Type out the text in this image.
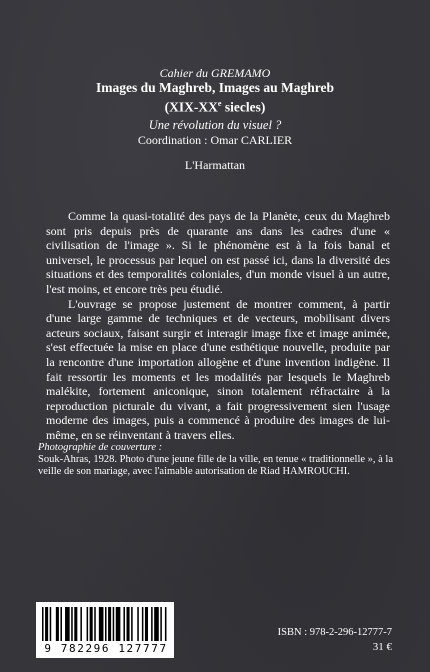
Cahier du GREMAMO
Images du Maghreb, Images au Maghreb
(XIX-XXe siecles)
Une révolution du visuel ?
Coordination : Omar CARLIER
L'Harmattan

Comme la quasi-totalité des pays de la Planète, ceux du Maghreb sont pris depuis près de quarante ans dans les cadres d'une « civilisation de l'image ». Si le phénomène est à la fois banal et universel, le processus par lequel on est passé ici, dans la diversité des situations et des temporalités coloniales, d'un monde visuel à un autre, l'est moins, et encore très peu étudié.

L'ouvrage se propose justement de montrer comment, à partir d'une large gamme de techniques et de vecteurs, mobilisant divers acteurs sociaux, faisant surgir et interagir image fixe et image animée, s'est effectuée la mise en place d'une esthétique nouvelle, produite par la rencontre d'une importation allogène et d'une invention indigène. Il fait ressortir les moments et les modalités par lesquels le Maghreb malékite, fortement aniconique, sinon totalement réfractaire à la reproduction picturale du vivant, a fait progressivement sien l'usage moderne des images, puis a commencé à produire des images de lui-même, en se réinventant à travers elles.

Photographie de couverture :
Souk-Ahras, 1928. Photo d'une jeune fille de la ville, en tenue « traditionnelle », à la veille de son mariage, avec l'aimable autorisation de Riad HAMROUCHI.
9 782296 127777
ISBN : 978-2-296-12777-7
31 €
